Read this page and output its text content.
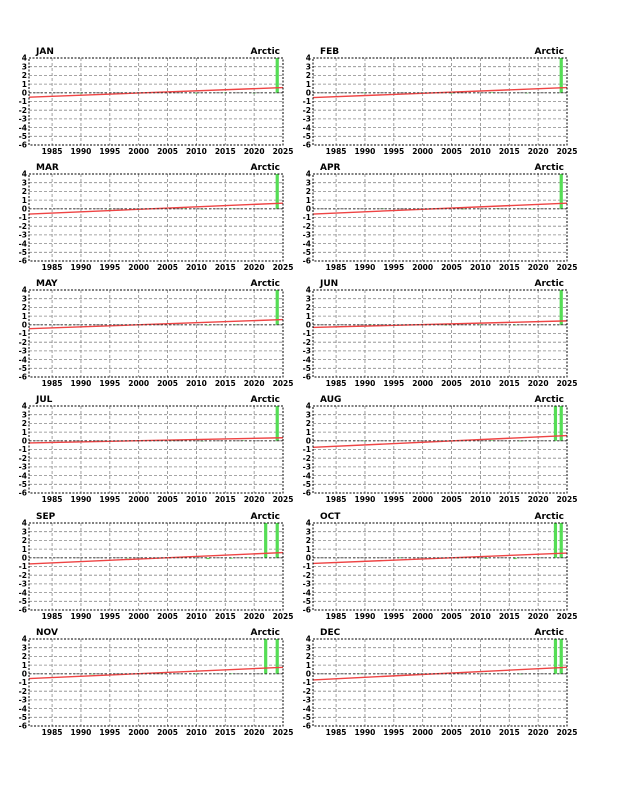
-6
-5
-4
-3
-2
-1
0
1
2
3
4
1985 1990 1995 2000 2005 2010 2015 2020 2025
JAN	Arctic
-6
-5
-4
-3
-2
-1
0
1
2
3
4
1985 1990 1995 2000 2005 2010 2015 2020 2025
FEB	Arctic
-6
-5
-4
-3
-2
-1
0
1
2
3
4
1985 1990 1995 2000 2005 2010 2015 2020 2025
MAR	Arctic
-6
-5
-4
-3
-2
-1
0
1
2
3
4
1985 1990 1995 2000 2005 2010 2015 2020 2025
APR	Arctic
-6
-5
-4
-3
-2
-1
0
1
2
3
4
1985 1990 1995 2000 2005 2010 2015 2020 2025
MAY	Arctic
-6
-5
-4
-3
-2
-1
0
1
2
3
4
1985 1990 1995 2000 2005 2010 2015 2020 2025
JUN	Arctic
-6
-5
-4
-3
-2
-1
0
1
2
3
4
1985 1990 1995 2000 2005 2010 2015 2020 2025
JUL	Arctic
-6
-5
-4
-3
-2
-1
0
1
2
3
4
1985 1990 1995 2000 2005 2010 2015 2020 2025
AUG	Arctic
-6
-5
-4
-3
-2
-1
0
1
2
3
4
1985 1990 1995 2000 2005 2010 2015 2020 2025
SEP	Arctic
-6
-5
-4
-3
-2
-1
0
1
2
3
4
1985 1990 1995 2000 2005 2010 2015 2020 2025
OCT	Arctic
-6
-5
-4
-3
-2
-1
0
1
2
3
4
1985 1990 1995 2000 2005 2010 2015 2020 2025
NOV	Arctic
-6
-5
-4
-3
-2
-1
0
1
2
3
4
1985 1990 1995 2000 2005 2010 2015 2020 2025
DEC	Arctic
